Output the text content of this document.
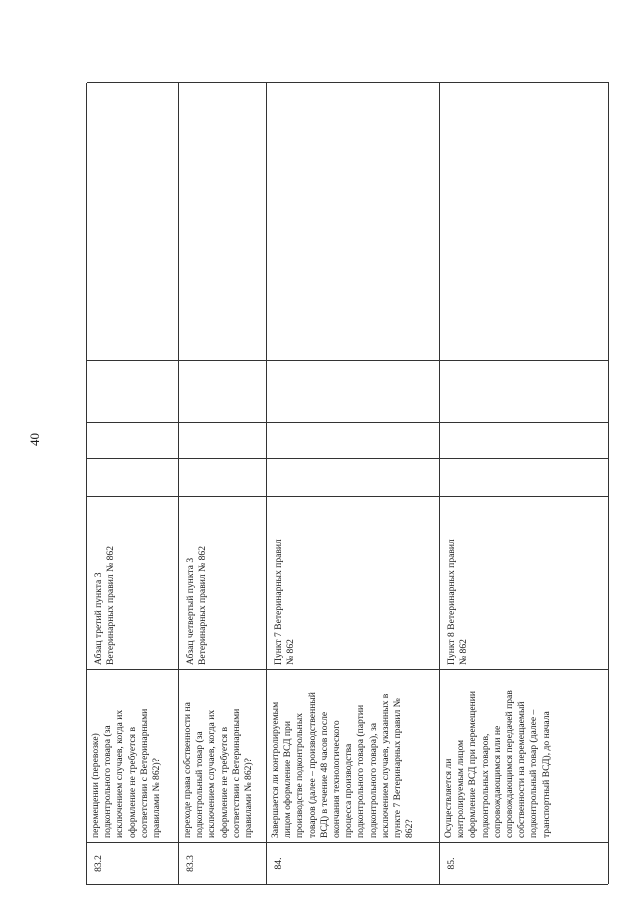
40
83.2
перемещении (перевозке)
подконтрольного товара (за
исключением случаев, когда их
оформление не требуется в
соответствии с Ветеринарными
правилами № 862)?
Абзац третий пункта 3
Ветеринарных правил № 862
83.3
переходе права собственности на
подконтрольный товар (за
исключением случаев, когда их
оформление не требуется в
соответствии с Ветеринарными
правилами № 862)?
Абзац четвертый пункта 3
Ветеринарных правил № 862
84.
Завершается ли контролируемым
лицом оформление ВСД при
производстве подконтрольных
товаров (далее – производственный
ВСД) в течение 48 часов после
окончания технологического
процесса производства
подконтрольного товара (партии
подконтрольного товара), за
исключением случаев, указанных в
пункте 7 Ветеринарных правил №
862?
Пункт 7 Ветеринарных правил
№ 862
85.
Осуществляется ли
контролируемым лицом
оформление ВСД при перемещении
подконтрольных товаров,
сопровождающимся или не
сопровождающимся передачей прав
собственности на перемещаемый
подконтрольный товар (далее –
транспортный ВСД), до начала
Пункт 8 Ветеринарных правил
№ 862
